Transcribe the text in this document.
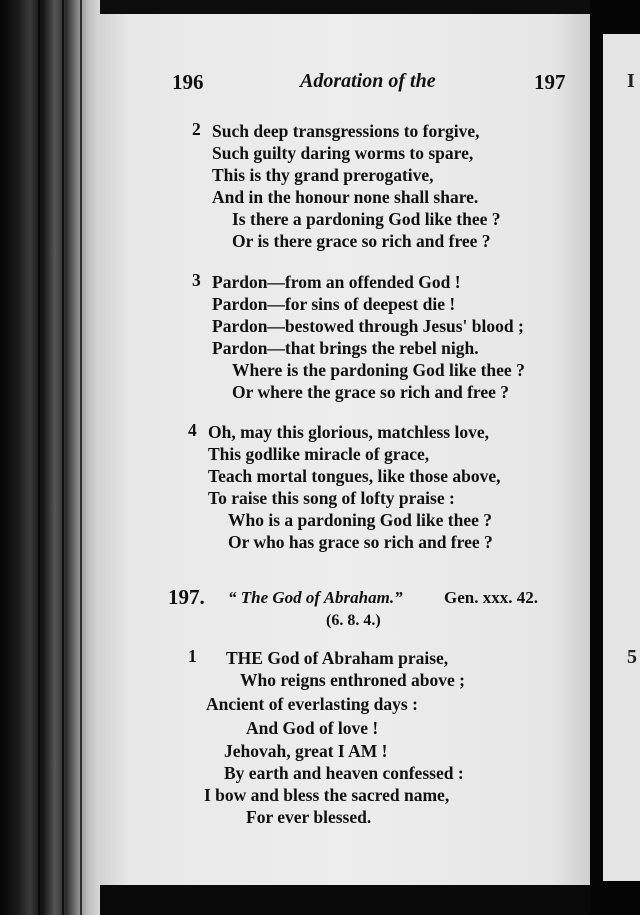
I
5
196	Adoration of the	197
2 Such deep transgressions to forgive,
Such guilty daring worms to spare,
This is thy grand prerogative,
And in the honour none shall share.
Is there a pardoning God like thee ?
Or is there grace so rich and free ?
3 Pardon—from an offended God !
Pardon—for sins of deepest die !
Pardon—bestowed through Jesus' blood ;
Pardon—that brings the rebel nigh.
Where is the pardoning God like thee ?
Or where the grace so rich and free ?
4 Oh, may this glorious, matchless love,
This godlike miracle of grace,
Teach mortal tongues, like those above,
To raise this song of lofty praise :
Who is a pardoning God like thee ?
Or who has grace so rich and free ?
197. “ The God of Abraham.” Gen. xxx. 42.
(6. 8. 4.)
1 THE God of Abraham praise,
Who reigns enthroned above ;
Ancient of everlasting days :
And God of love !
Jehovah, great I AM !
By earth and heaven confessed :
I bow and bless the sacred name,
For ever blessed.
